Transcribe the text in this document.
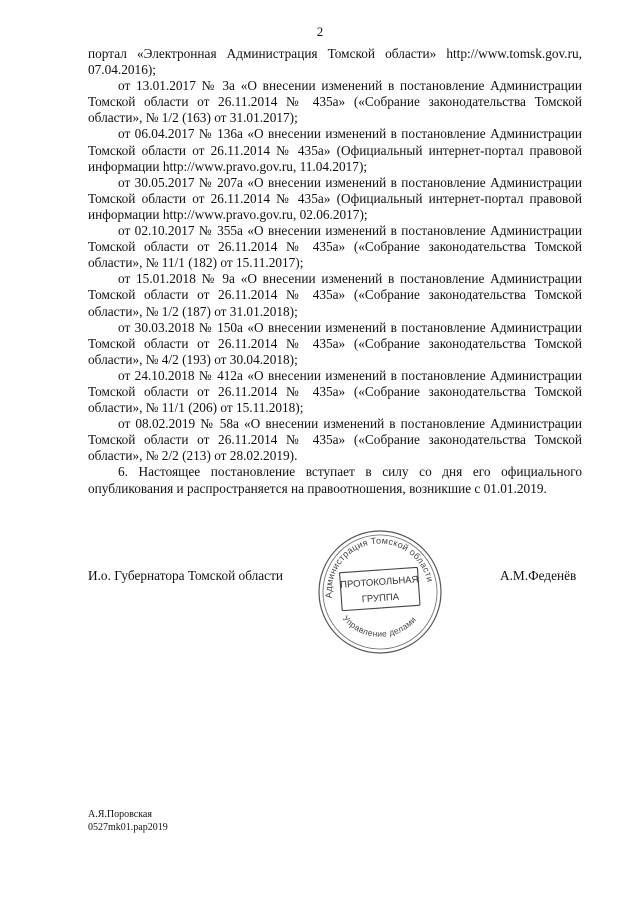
2

портал «Электронная Администрация Томской области» http://www.tomsk.gov.ru, 07.04.2016);

от 13.01.2017 № 3а «О внесении изменений в постановление Администрации Томской области от 26.11.2014 № 435а» («Собрание законодательства Томской области», № 1/2 (163) от 31.01.2017);

от 06.04.2017 № 136а «О внесении изменений в постановление Администрации Томской области от 26.11.2014 № 435а» (Официальный интернет-портал правовой информации http://www.pravo.gov.ru, 11.04.2017);

от 30.05.2017 № 207а «О внесении изменений в постановление Администрации Томской области от 26.11.2014 № 435а» (Официальный интернет-портал правовой информации http://www.pravo.gov.ru, 02.06.2017);

от 02.10.2017 № 355а «О внесении изменений в постановление Администрации Томской области от 26.11.2014 № 435а» («Собрание законодательства Томской области», № 11/1 (182) от 15.11.2017);

от 15.01.2018 № 9а «О внесении изменений в постановление Администрации Томской области от 26.11.2014 № 435а» («Собрание законодательства Томской области», № 1/2 (187) от 31.01.2018);

от 30.03.2018 № 150а «О внесении изменений в постановление Администрации Томской области от 26.11.2014 № 435а» («Собрание законодательства Томской области», № 4/2 (193) от 30.04.2018);

от 24.10.2018 № 412а «О внесении изменений в постановление Администрации Томской области от 26.11.2014 № 435а» («Собрание законодательства Томской области», № 11/1 (206) от 15.11.2018);

от 08.02.2019 № 58а «О внесении изменений в постановление Администрации Томской области от 26.11.2014 № 435а» («Собрание законодательства Томской области», № 2/2 (213) от 28.02.2019).

6. Настоящее постановление вступает в силу со дня его официального опубликования и распространяется на правоотношения, возникшие с 01.01.2019.

Администрация Томской области
Управление делами
ПРОТОКОЛЬНАЯ
ГРУППА
И.о. Губернатора Томской области	А.М.Феденёв
А.Я.Поровская
0527mk01.pap2019
